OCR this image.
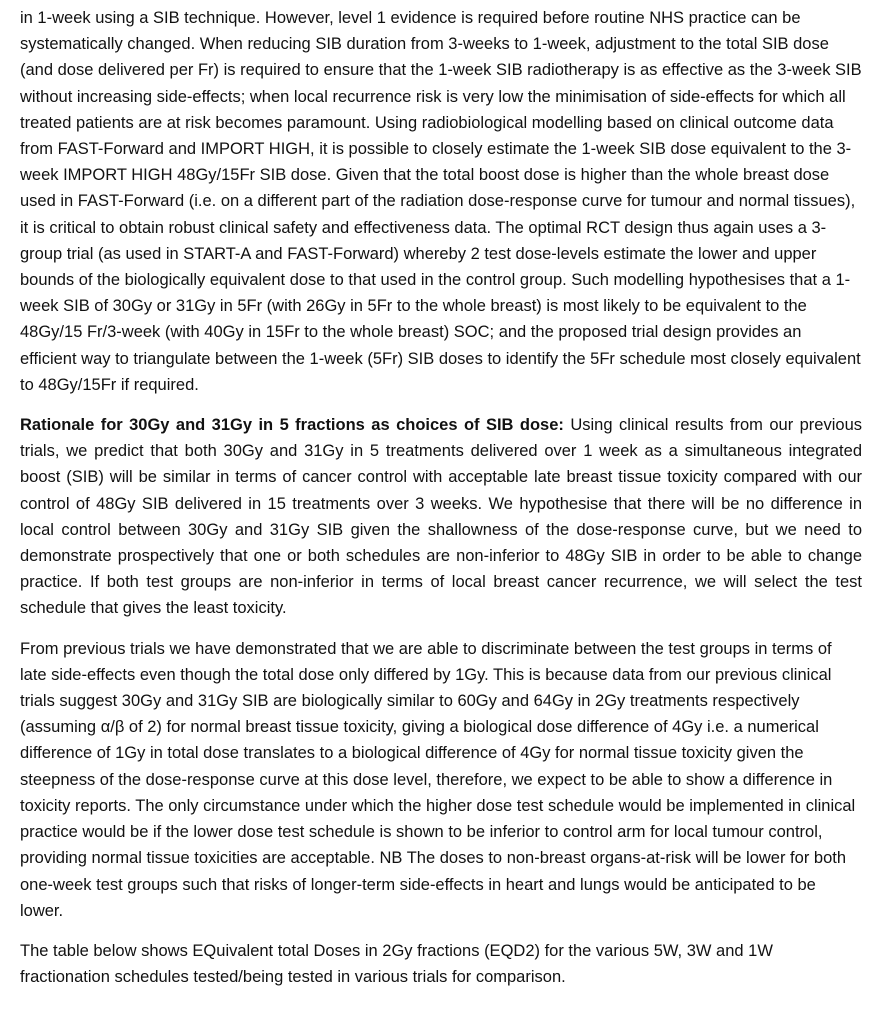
in 1-week using a SIB technique. However, level 1 evidence is required before routine NHS practice can be systematically changed. When reducing SIB duration from 3-weeks to 1-week, adjustment to the total SIB dose (and dose delivered per Fr) is required to ensure that the 1-week SIB radiotherapy is as effective as the 3-week SIB without increasing side-effects; when local recurrence risk is very low the minimisation of side-effects for which all treated patients are at risk becomes paramount. Using radiobiological modelling based on clinical outcome data from FAST-Forward and IMPORT HIGH, it is possible to closely estimate the 1-week SIB dose equivalent to the 3-week IMPORT HIGH 48Gy/15Fr SIB dose. Given that the total boost dose is higher than the whole breast dose used in FAST-Forward (i.e. on a different part of the radiation dose-response curve for tumour and normal tissues), it is critical to obtain robust clinical safety and effectiveness data. The optimal RCT design thus again uses a 3-group trial (as used in START-A and FAST-Forward) whereby 2 test dose-levels estimate the lower and upper bounds of the biologically equivalent dose to that used in the control group. Such modelling hypothesises that a 1-week SIB of 30Gy or 31Gy in 5Fr (with 26Gy in 5Fr to the whole breast) is most likely to be equivalent to the 48Gy/15 Fr/3-week (with 40Gy in 15Fr to the whole breast) SOC; and the proposed trial design provides an efficient way to triangulate between the 1-week (5Fr) SIB doses to identify the 5Fr schedule most closely equivalent to 48Gy/15Fr if required.

Rationale for 30Gy and 31Gy in 5 fractions as choices of SIB dose: Using clinical results from our previous trials, we predict that both 30Gy and 31Gy in 5 treatments delivered over 1 week as a simultaneous integrated boost (SIB) will be similar in terms of cancer control with acceptable late breast tissue toxicity compared with our control of 48Gy SIB delivered in 15 treatments over 3 weeks. We hypothesise that there will be no difference in local control between 30Gy and 31Gy SIB given the shallowness of the dose-response curve, but we need to demonstrate prospectively that one or both schedules are non-inferior to 48Gy SIB in order to be able to change practice. If both test groups are non-inferior in terms of local breast cancer recurrence, we will select the test schedule that gives the least toxicity.

From previous trials we have demonstrated that we are able to discriminate between the test groups in terms of late side-effects even though the total dose only differed by 1Gy. This is because data from our previous clinical trials suggest 30Gy and 31Gy SIB are biologically similar to 60Gy and 64Gy in 2Gy treatments respectively (assuming α/β of 2) for normal breast tissue toxicity, giving a biological dose difference of 4Gy i.e. a numerical difference of 1Gy in total dose translates to a biological difference of 4Gy for normal tissue toxicity given the steepness of the dose-response curve at this dose level, therefore, we expect to be able to show a difference in toxicity reports. The only circumstance under which the higher dose test schedule would be implemented in clinical practice would be if the lower dose test schedule is shown to be inferior to control arm for local tumour control, providing normal tissue toxicities are acceptable. NB The doses to non-breast organs-at-risk will be lower for both one-week test groups such that risks of longer-term side-effects in heart and lungs would be anticipated to be lower.

The table below shows EQuivalent total Doses in 2Gy fractions (EQD2) for the various 5W, 3W and 1W fractionation schedules tested/being tested in various trials for comparison.
